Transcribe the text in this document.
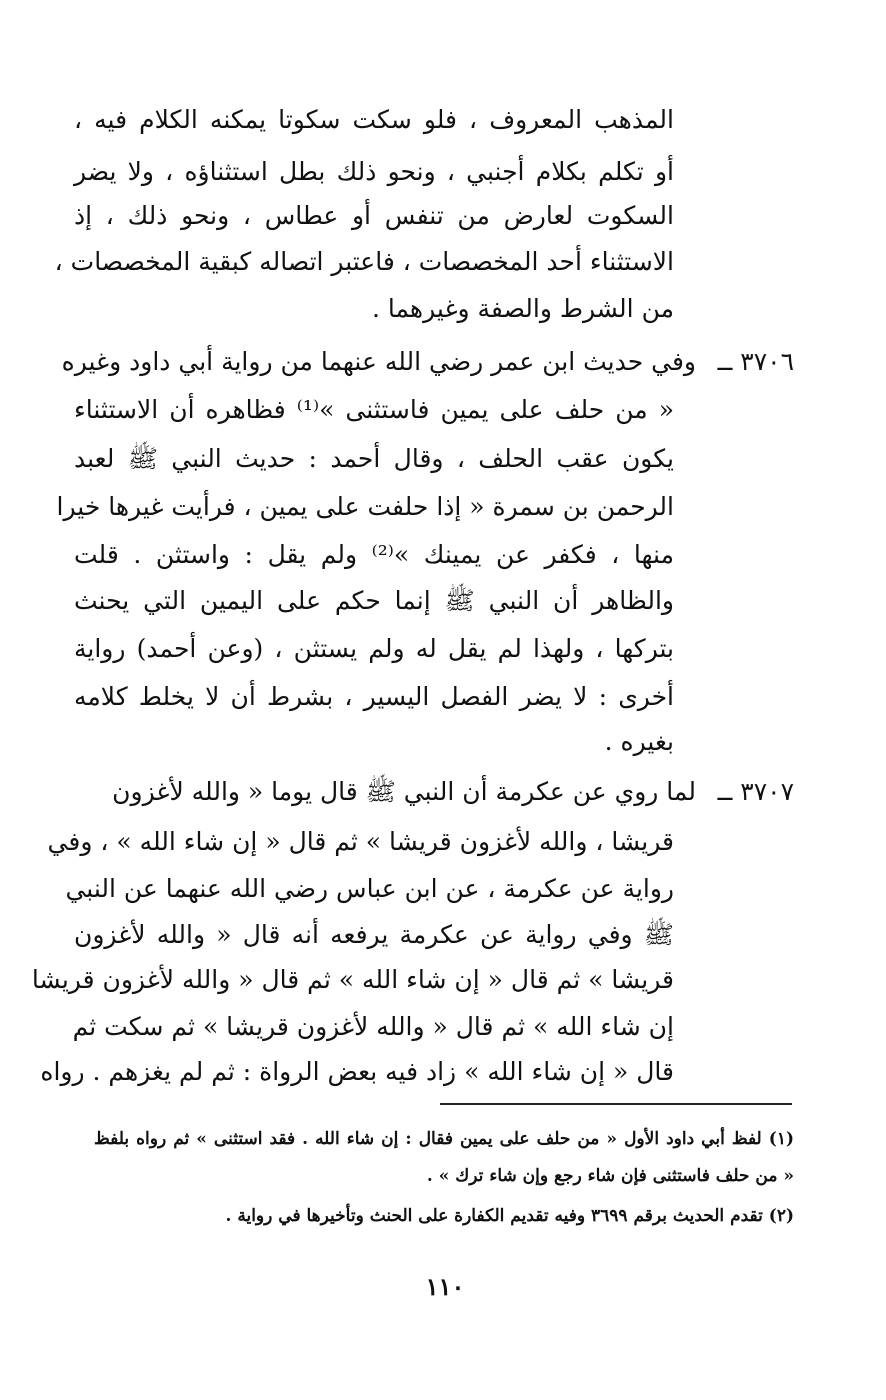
المذهب المعروف ، فلو سكت سكوتا يمكنه الكلام فيه ،
أو تكلم بكلام أجنبي ، ونحو ذلك بطل استثناؤه ، ولا يضر
السكوت لعارض من تنفس أو عطاس ، ونحو ذلك ، إذ
الاستثناء أحد المخصصات ، فاعتبر اتصاله كبقية المخصصات ،
من الشرط والصفة وغيرهما .
٣٧٠٦ ــ
وفي حديث ابن عمر رضي الله عنهما من رواية أبي داود وغيره
« من حلف على يمين فاستثنى »⁽¹⁾ فظاهره أن الاستثناء
يكون عقب الحلف ، وقال أحمد : حديث النبي ﷺ لعبد
الرحمن بن سمرة « إذا حلفت على يمين ، فرأيت غيرها خيرا
منها ، فكفر عن يمينك »⁽²⁾ ولم يقل : واستثن . قلت
والظاهر أن النبي ﷺ إنما حكم على اليمين التي يحنث
بتركها ، ولهذا لم يقل له ولم يستثن ، (وعن أحمد) رواية
أخرى : لا يضر الفصل اليسير ، بشرط أن لا يخلط كلامه
بغيره .
٣٧٠٧ ــ
لما روي عن عكرمة أن النبي ﷺ قال يوما « والله لأغزون
قريشا ، والله لأغزون قريشا » ثم قال « إن شاء الله » ، وفي
رواية عن عكرمة ، عن ابن عباس رضي الله عنهما عن النبي
ﷺ وفي رواية عن عكرمة يرفعه أنه قال « والله لأغزون
قريشا » ثم قال « إن شاء الله » ثم قال « والله لأغزون قريشا
إن شاء الله » ثم قال « والله لأغزون قريشا » ثم سكت ثم
قال « إن شاء الله » زاد فيه بعض الرواة : ثم لم يغزهم . رواه
(١) لفظ أبي داود الأول « من حلف على يمين فقال : إن شاء الله . فقد استثنى » ثم رواه بلفظ
« من حلف فاستثنى فإن شاء رجع وإن شاء ترك » .
(٢) تقدم الحديث برقم ٣٦٩٩ وفيه تقديم الكفارة على الحنث وتأخيرها في رواية .
١١٠
